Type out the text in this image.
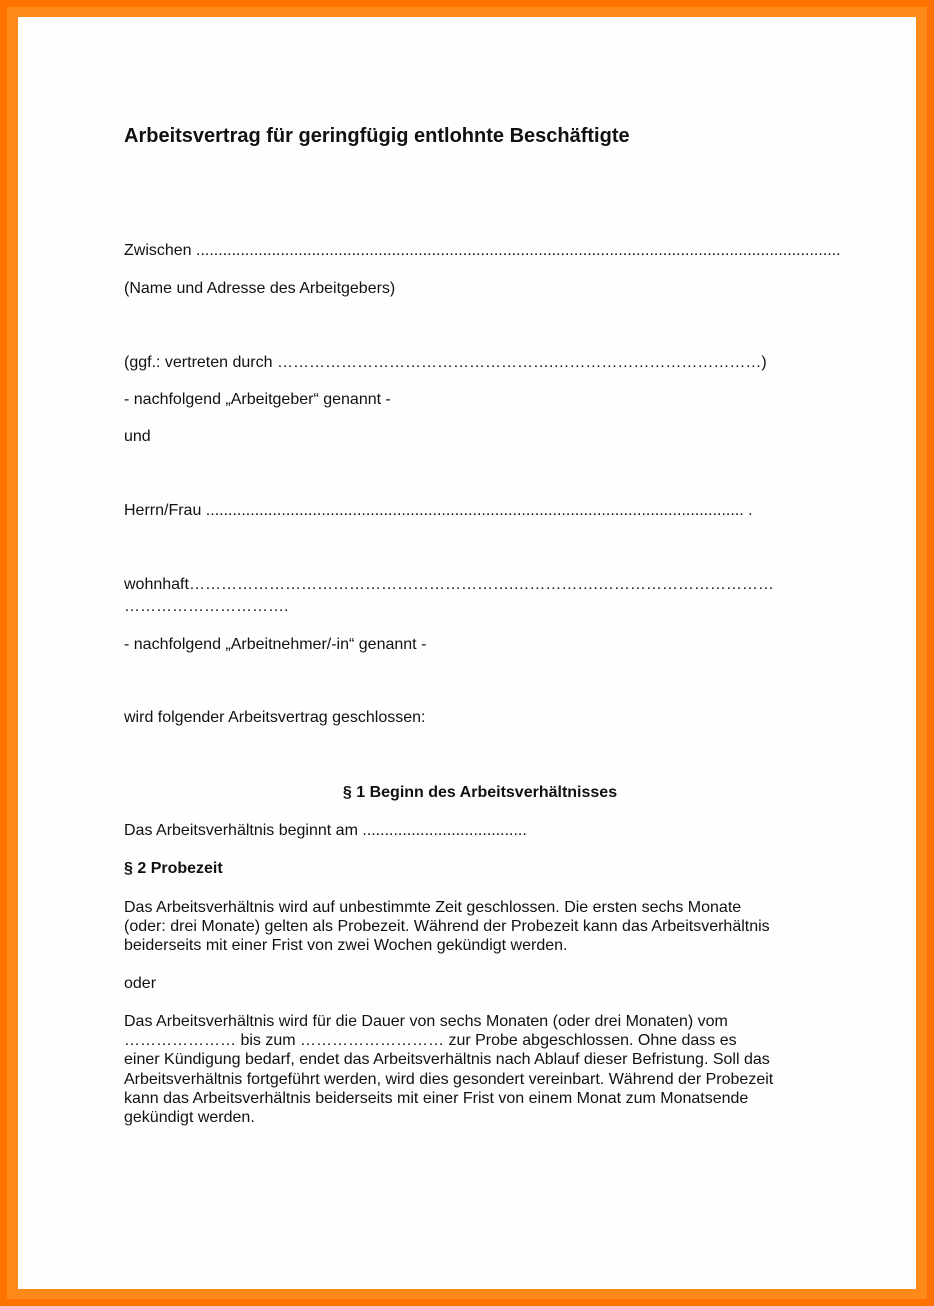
Arbeitsvertrag für geringfügig entlohnte Beschäftigte
Zwischen .................................................................................................................................................
(Name und Adresse des Arbeitgebers)
(ggf.: vertreten durch …………………………………………….…………………………………)
- nachfolgend „Arbeitgeber“ genannt -
und
Herrn/Frau ......................................................................................................................... .
wohnhaft…………………………………………………….…………….……………………………
………………………….
- nachfolgend „Arbeitnehmer/-in“ genannt -
wird folgender Arbeitsvertrag geschlossen:
§ 1 Beginn des Arbeitsverhältnisses
Das Arbeitsverhältnis beginnt am .....................................
§ 2 Probezeit
Das Arbeitsverhältnis wird auf unbestimmte Zeit geschlossen. Die ersten sechs Monate
(oder: drei Monate) gelten als Probezeit. Während der Probezeit kann das Arbeitsverhältnis
beiderseits mit einer Frist von zwei Wochen gekündigt werden.
oder
Das Arbeitsverhältnis wird für die Dauer von sechs Monaten (oder drei Monaten) vom
………………… bis zum ……………………… zur Probe abgeschlossen. Ohne dass es
einer Kündigung bedarf, endet das Arbeitsverhältnis nach Ablauf dieser Befristung. Soll das
Arbeitsverhältnis fortgeführt werden, wird dies gesondert vereinbart. Während der Probezeit
kann das Arbeitsverhältnis beiderseits mit einer Frist von einem Monat zum Monatsende
gekündigt werden.
